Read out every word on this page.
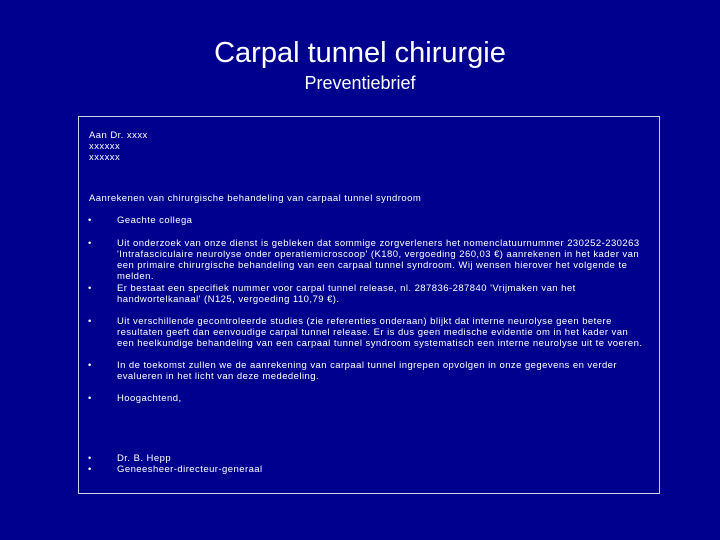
Carpal tunnel chirurgie
Preventiebrief
Aan Dr. xxxx
xxxxxx
xxxxxx
Aanrekenen van chirurgische behandeling van carpaal tunnel syndroom
•	Geachte collega
•	Uit onderzoek van onze dienst is gebleken dat sommige zorgverleners het nomenclatuurnummer 230252-230263 'Intrafasciculaire neurolyse onder operatiemicroscoop' (K180, vergoeding 260,03 €) aanrekenen in het kader van een primaire chirurgische behandeling van een carpaal tunnel syndroom. Wij wensen hierover het volgende te melden.
•	Er bestaat een specifiek nummer voor carpal tunnel release, nl. 287836-287840 'Vrijmaken van het handwortelkanaal' (N125, vergoeding 110,79 €).
•	Uit verschillende gecontroleerde studies (zie referenties onderaan) blijkt dat interne neurolyse geen betere resultaten geeft dan eenvoudige carpal tunnel release. Er is dus geen medische evidentie om in het kader van een heelkundige behandeling van een carpaal tunnel syndroom systematisch een interne neurolyse uit te voeren.
•	In de toekomst zullen we de aanrekening van carpaal tunnel ingrepen opvolgen in onze gegevens en verder evalueren in het licht van deze mededeling.
•	Hoogachtend,
•	Dr. B. Hepp
•	Geneesheer-directeur-generaal
